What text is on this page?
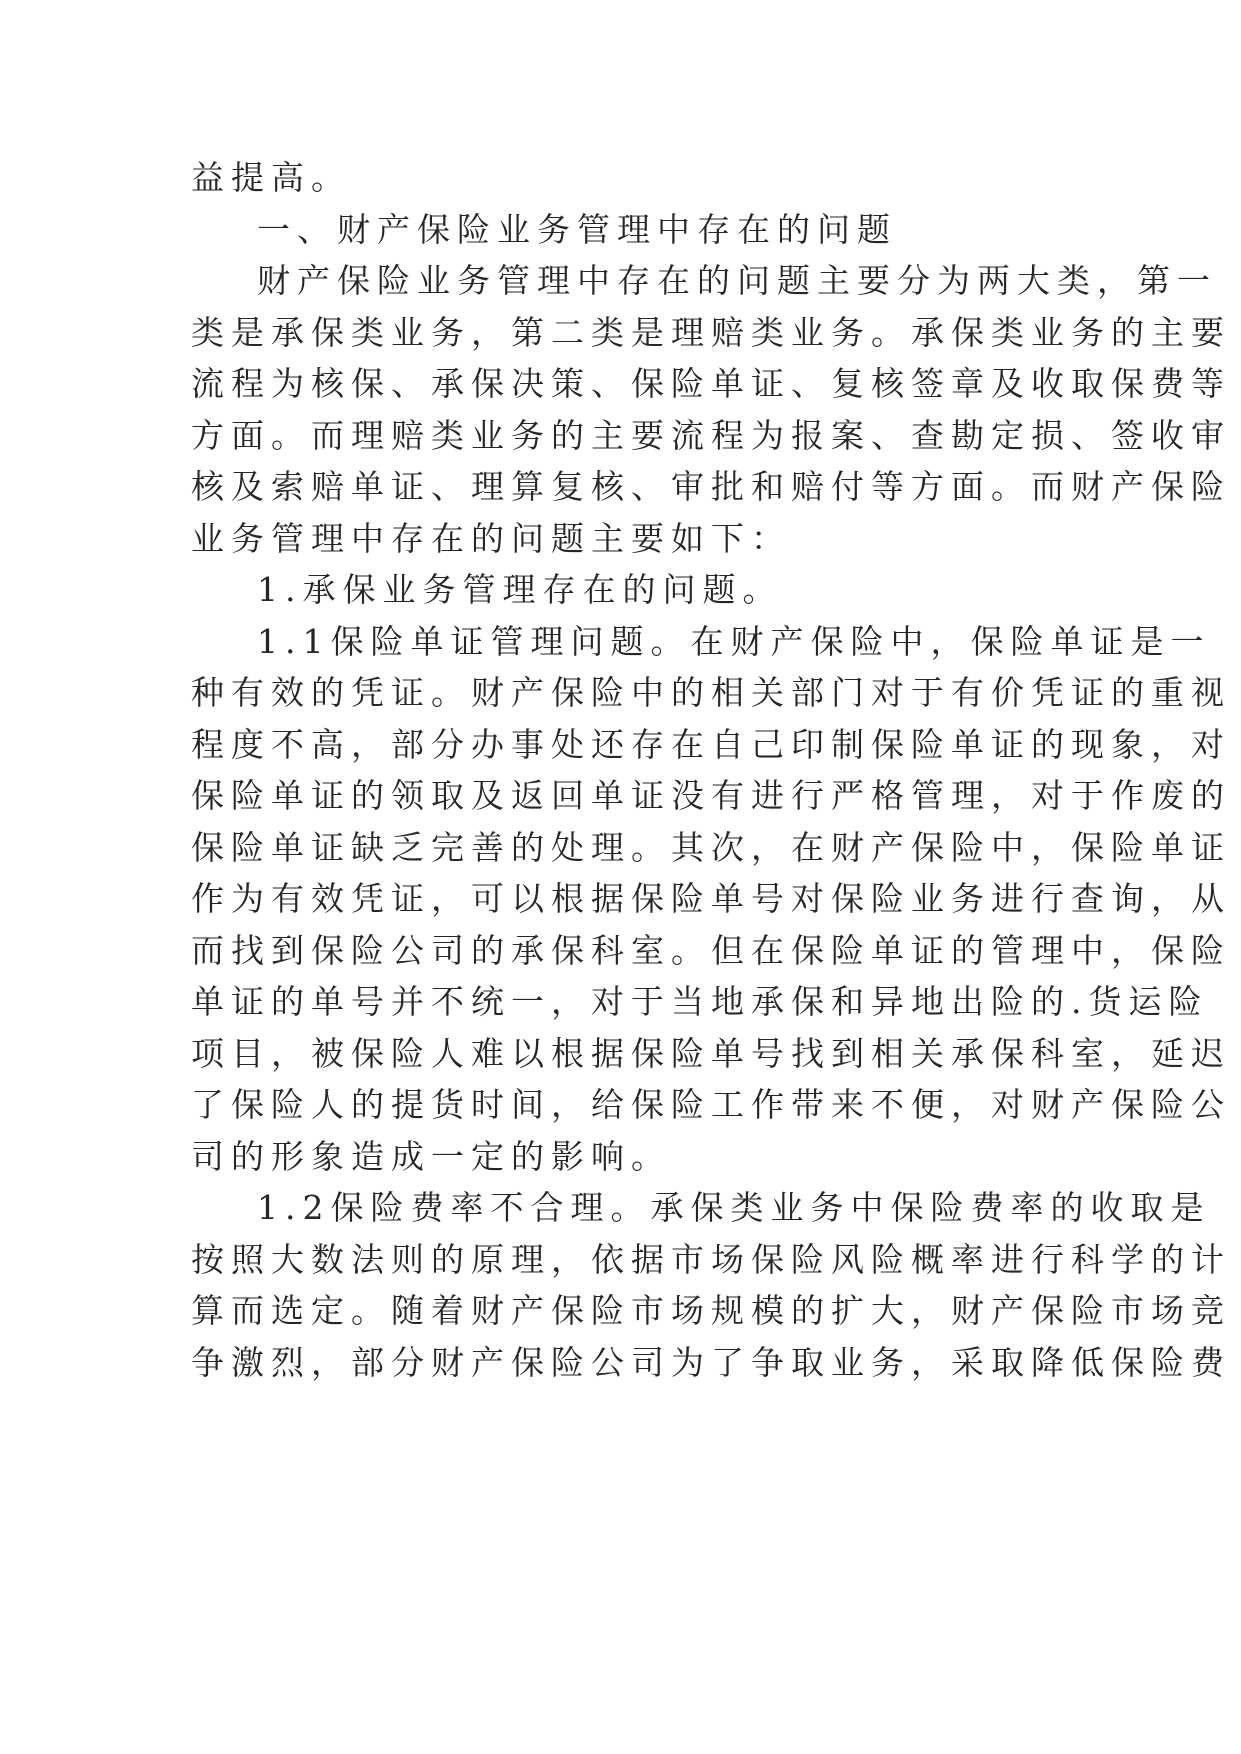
益提高。
一、财产保险业务管理中存在的问题
财产保险业务管理中存在的问题主要分为两大类，第一
类是承保类业务，第二类是理赔类业务。承保类业务的主要
流程为核保、承保决策、保险单证、复核签章及收取保费等
方面。而理赔类业务的主要流程为报案、查勘定损、签收审
核及索赔单证、理算复核、审批和赔付等方面。而财产保险
业务管理中存在的问题主要如下：
1.承保业务管理存在的问题。
1.1保险单证管理问题。在财产保险中，保险单证是一
种有效的凭证。财产保险中的相关部门对于有价凭证的重视
程度不高，部分办事处还存在自己印制保险单证的现象，对
保险单证的领取及返回单证没有进行严格管理，对于作废的
保险单证缺乏完善的处理。其次，在财产保险中，保险单证
作为有效凭证，可以根据保险单号对保险业务进行查询，从
而找到保险公司的承保科室。但在保险单证的管理中，保险
单证的单号并不统一，对于当地承保和异地出险的.货运险
项目，被保险人难以根据保险单号找到相关承保科室，延迟
了保险人的提货时间，给保险工作带来不便，对财产保险公
司的形象造成一定的影响。
1.2保险费率不合理。承保类业务中保险费率的收取是
按照大数法则的原理，依据市场保险风险概率进行科学的计
算而选定。随着财产保险市场规模的扩大，财产保险市场竞
争激烈，部分财产保险公司为了争取业务，采取降低保险费
